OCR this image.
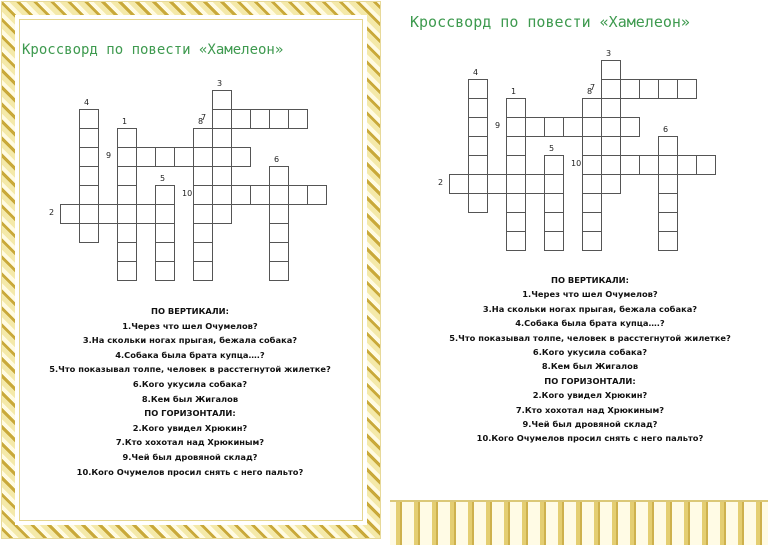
Кроссворд по повести «Хамелеон»
Кроссворд по повести «Хамелеон»
1
2
3
4
5
6
7
8
9
10
1
2
3
4
5
6
7
8
9
10
ПО ВЕРТИКАЛИ:
1.Через что шел Очумелов?
3.На скольки ногах прыгая, бежала собака?
4.Собака была брата купца….?
5.Что показывал толпе, человек в расстегнутой жилетке?
6.Кого укусила собака?
8.Кем был Жигалов
ПО ГОРИЗОНТАЛИ:
2.Кого увидел Хрюкин?
7.Кто хохотал над Хрюкиным?
9.Чей был дровяной склад?
10.Кого Очумелов просил снять с него пальто?
ПО ВЕРТИКАЛИ:
1.Через что шел Очумелов?
3.На скольки ногах прыгая, бежала собака?
4.Собака была брата купца….?
5.Что показывал толпе, человек в расстегнутой жилетке?
6.Кого укусила собака?
8.Кем был Жигалов
ПО ГОРИЗОНТАЛИ:
2.Кого увидел Хрюкин?
7.Кто хохотал над Хрюкиным?
9.Чей был дровяной склад?
10.Кого Очумелов просил снять с него пальто?
